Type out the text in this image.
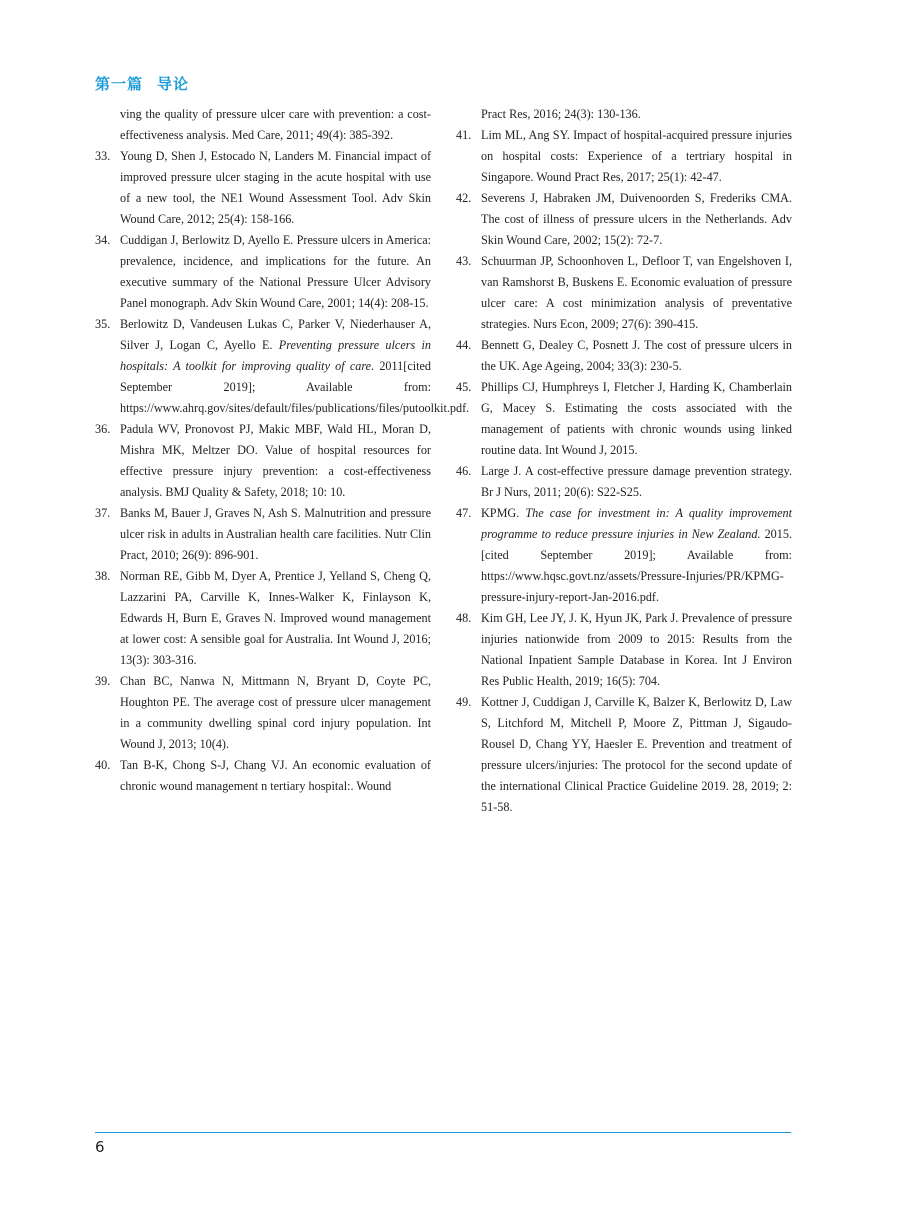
第一篇 导论
ving the quality of pressure ulcer care with prevention: a cost-effectiveness analysis. Med Care, 2011; 49(4): 385-392.
33. Young D, Shen J, Estocado N, Landers M. Financial impact of improved pressure ulcer staging in the acute hospital with use of a new tool, the NE1 Wound Assessment Tool. Adv Skin Wound Care, 2012; 25(4): 158-166.
34. Cuddigan J, Berlowitz D, Ayello E. Pressure ulcers in America: prevalence, incidence, and implications for the future. An executive summary of the National Pressure Ulcer Advisory Panel monograph. Adv Skin Wound Care, 2001; 14(4): 208-15.
35. Berlowitz D, Vandeusen Lukas C, Parker V, Niederhauser A, Silver J, Logan C, Ayello E. Preventing pressure ulcers in hospitals: A toolkit for improving quality of care. 2011[cited September 2019]; Available from: https://www.ahrq.gov/sites/default/files/publications/files/putoolkit.pdf.
36. Padula WV, Pronovost PJ, Makic MBF, Wald HL, Moran D, Mishra MK, Meltzer DO. Value of hospital resources for effective pressure injury prevention: a cost-effectiveness analysis. BMJ Quality & Safety, 2018; 10: 10.
37. Banks M, Bauer J, Graves N, Ash S. Malnutrition and pressure ulcer risk in adults in Australian health care facilities. Nutr Clin Pract, 2010; 26(9): 896-901.
38. Norman RE, Gibb M, Dyer A, Prentice J, Yelland S, Cheng Q, Lazzarini PA, Carville K, Innes-Walker K, Finlayson K, Edwards H, Burn E, Graves N. Improved wound management at lower cost: A sensible goal for Australia. Int Wound J, 2016; 13(3): 303-316.
39. Chan BC, Nanwa N, Mittmann N, Bryant D, Coyte PC, Houghton PE. The average cost of pressure ulcer management in a community dwelling spinal cord injury population. Int Wound J, 2013; 10(4).
40. Tan B-K, Chong S-J, Chang VJ. An economic evaluation of chronic wound management n tertiary hospital:. Wound
Pract Res, 2016; 24(3): 130-136.
41. Lim ML, Ang SY. Impact of hospital-acquired pressure injuries on hospital costs: Experience of a tertriary hospital in Singapore. Wound Pract Res, 2017; 25(1): 42-47.
42. Severens J, Habraken JM, Duivenoorden S, Frederiks CMA. The cost of illness of pressure ulcers in the Netherlands. Adv Skin Wound Care, 2002; 15(2): 72-7.
43. Schuurman JP, Schoonhoven L, Defloor T, van Engelshoven I, van Ramshorst B, Buskens E. Economic evaluation of pressure ulcer care: A cost minimization analysis of preventative strategies. Nurs Econ, 2009; 27(6): 390-415.
44. Bennett G, Dealey C, Posnett J. The cost of pressure ulcers in the UK. Age Ageing, 2004; 33(3): 230-5.
45. Phillips CJ, Humphreys I, Fletcher J, Harding K, Chamberlain G, Macey S. Estimating the costs associated with the management of patients with chronic wounds using linked routine data. Int Wound J, 2015.
46. Large J. A cost-effective pressure damage prevention strategy. Br J Nurs, 2011; 20(6): S22-S25.
47. KPMG. The case for investment in: A quality improvement programme to reduce pressure injuries in New Zealand. 2015. [cited September 2019]; Available from: https://www.hqsc.govt.nz/assets/Pressure-Injuries/PR/KPMG-pressure-injury-report-Jan-2016.pdf.
48. Kim GH, Lee JY, J. K, Hyun JK, Park J. Prevalence of pressure injuries nationwide from 2009 to 2015: Results from the National Inpatient Sample Database in Korea. Int J Environ Res Public Health, 2019; 16(5): 704.
49. Kottner J, Cuddigan J, Carville K, Balzer K, Berlowitz D, Law S, Litchford M, Mitchell P, Moore Z, Pittman J, Sigaudo-Rousel D, Chang YY, Haesler E. Prevention and treatment of pressure ulcers/injuries: The protocol for the second update of the international Clinical Practice Guideline 2019. 28, 2019; 2: 51-58.
6
